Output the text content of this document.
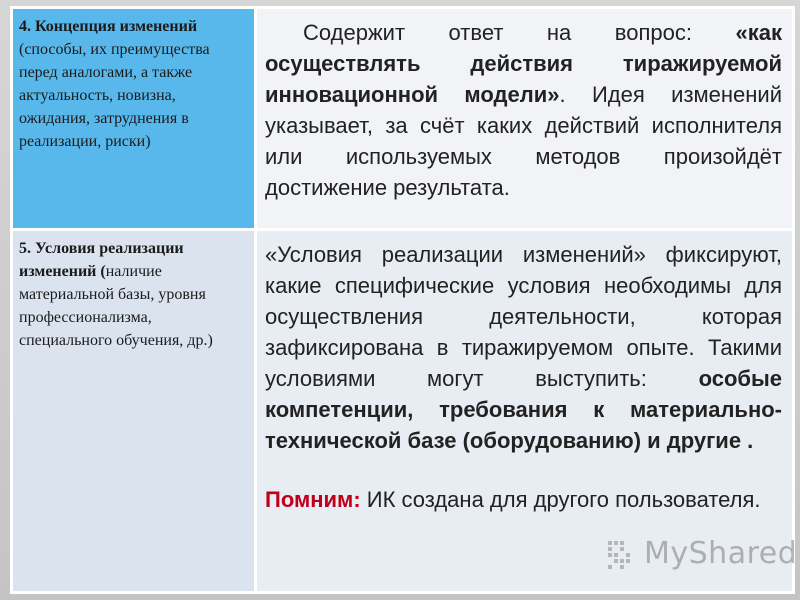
4. Концепция изменений (способы, их преимущества перед аналогами, а также актуальность, новизна, ожидания, затруднения в реализации, риски)	Содержит ответ на вопрос: «как осуществлять действия тиражируемой инновационной модели». Идея изменений указывает, за счёт каких действий исполнителя или используемых методов произойдёт достижение результата.

5. Условия реализации изменений (наличие материальной базы, уровня профессионализма, специального обучения, др.)	«Условия реализации изменений» фиксируют, какие специфические условия необходимы для осуществления деятельности, которая зафиксирована в тиражируемом опыте. Такими условиями могут выступить: особые компетенции, требования к материально-технической базе (оборудованию) и другие .

Помним: ИК создана для другого пользователя.

MyShared
